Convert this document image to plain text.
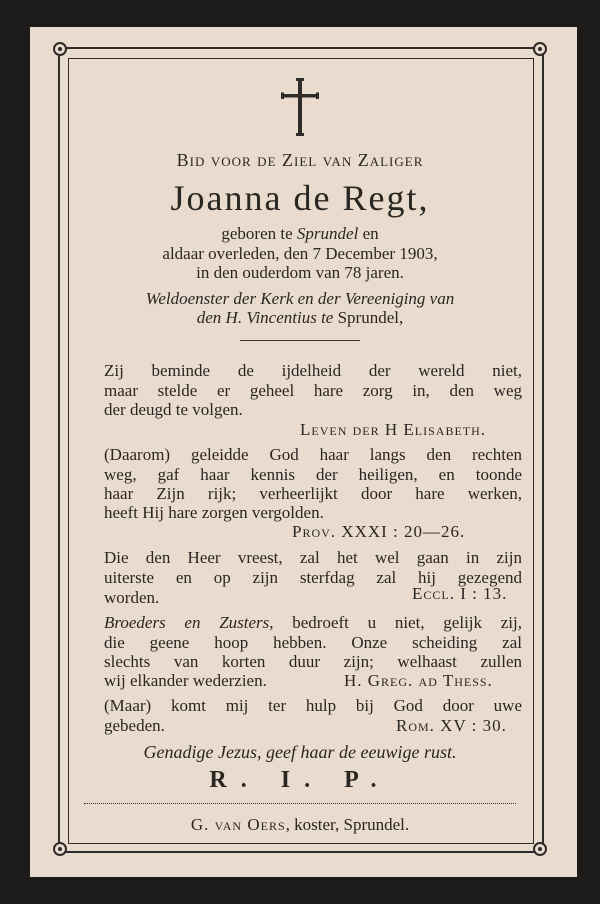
Bid voor de Ziel van Zaliger
Joanna de Regt,
geboren te Sprundel en
aldaar overleden, den 7 December 1903,
in den ouderdom van 78 jaren.
Weldoenster der Kerk en der Vereeniging van
den H. Vincentius te Sprundel,
Zij beminde de ijdelheid der wereld niet,
maar stelde er geheel hare zorg in, den weg
der deugd te volgen.
Leven der H Elisabeth.
(Daarom) geleidde God haar langs den rechten
weg, gaf haar kennis der heiligen, en toonde
haar Zijn rijk; verheerlijkt door hare werken,
heeft Hij hare zorgen vergolden.
Prov. XXXI : 20—26.
Die den Heer vreest, zal het wel gaan in zijn
uiterste en op zijn sterfdag zal hij gezegend
worden.	Eccl. I : 13.
Broeders en Zusters, bedroeft u niet, gelijk zij,
die geene hoop hebben. Onze scheiding zal
slechts van korten duur zijn; welhaast zullen
wij elkander wederzien.	H. Greg. ad Thess.
(Maar) komt mij ter hulp bij God door uwe
gebeden.	Rom. XV : 30.
Genadige Jezus, geef haar de eeuwige rust.
R. I. P.
G. van Oers, koster, Sprundel.
